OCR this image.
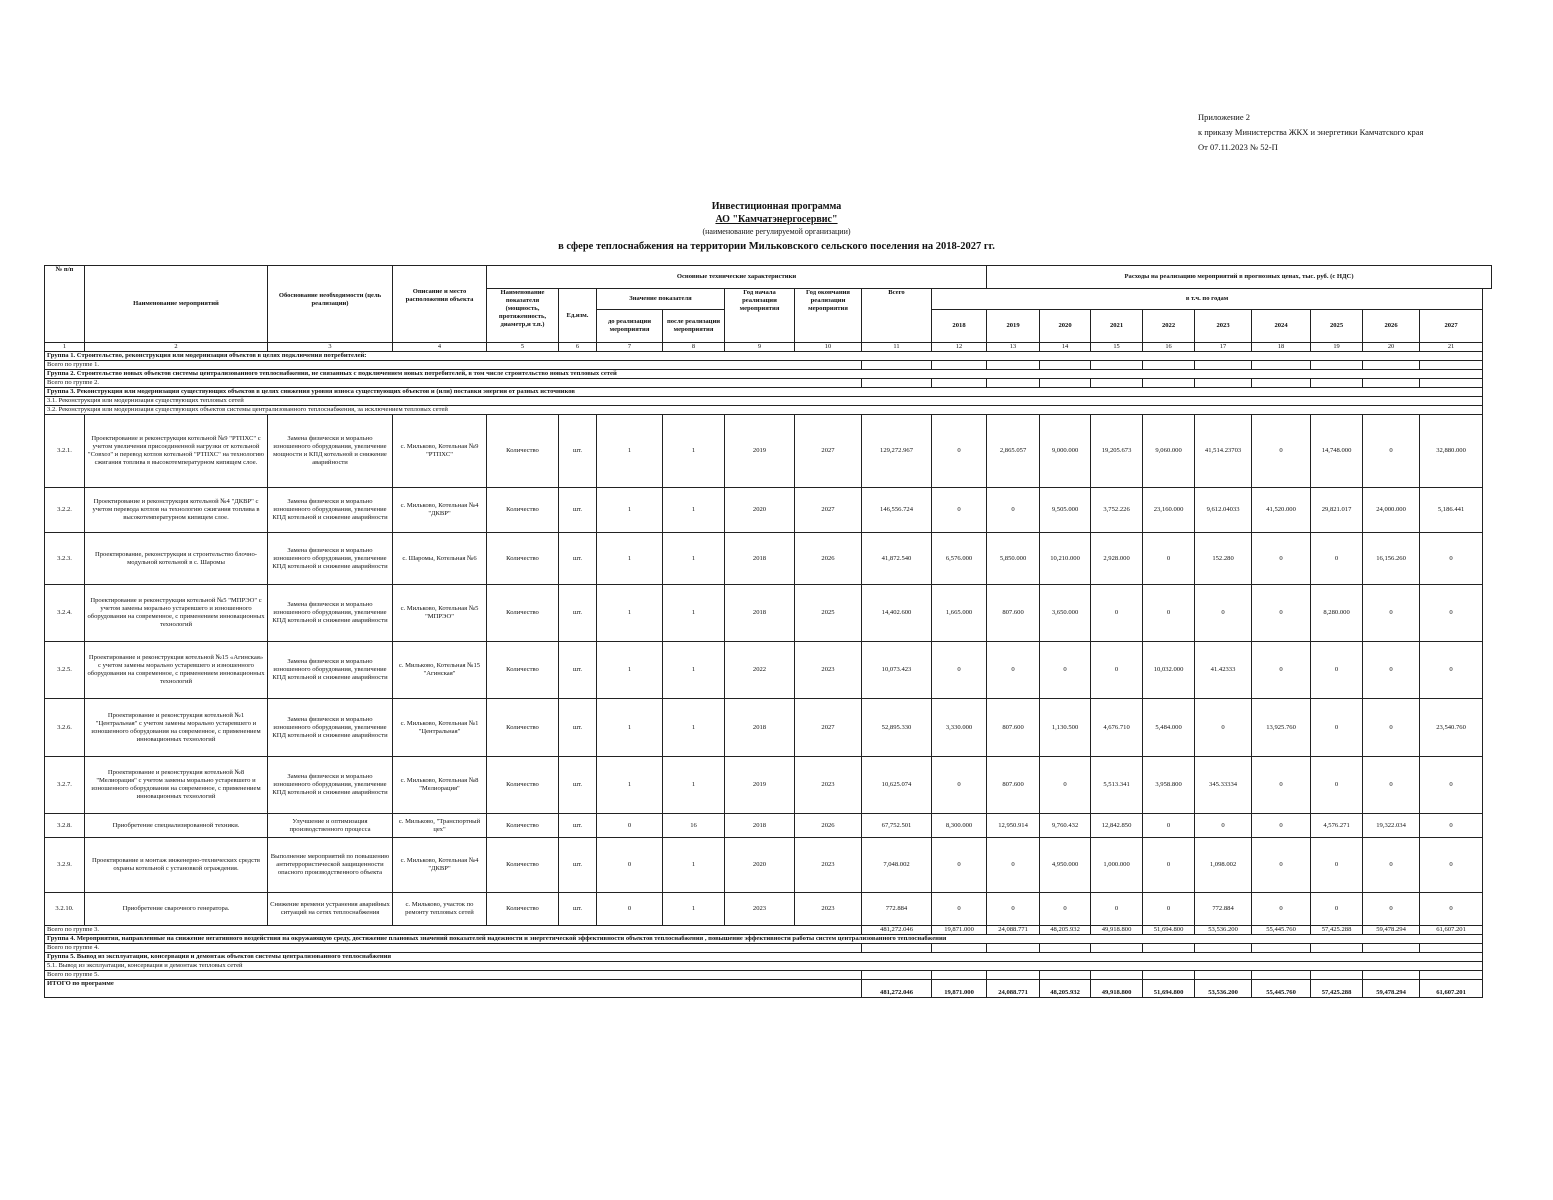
Приложение 2
к приказу Министерства ЖКХ и энергетики Камчатского края
От 07.11.2023 № 52-П
Инвестиционная программа
АО "Камчатэнергосервис"
(наименование регулируемой организации)
в сфере теплоснабжения на территории Мильковского сельского поселения на 2018-2027 гг.
№ п/п	Наименование мероприятий	Обоснование необходимости (цель реализации)	Описание и место расположения объекта	Основные технические характеристики								Расходы на реализацию мероприятий в прогнозных ценах, тыс. руб. (с НДС)								
				Наименование показателя (мощность, протяженность, диаметр,и т.п.)	Ед.изм.	Значение показателя		Год начала реализации мероприятия	Год окончания реализации мероприятия	Всего	в т.ч. по годам									
						до реализации мероприятия	после реализации мероприятия				2018	2019	2020	2021	2022	2023	2024	2025	2026	2027
1	2	3	4	5	6	7	8	9	10	11	12	13	14	15	16	17	18	19	20	21
Группа 1. Строительство, реконструкция или модернизация объектов в целях подключения потребителей:																				
Всего по группе 1.																				
Группа 2. Строительство новых объектов системы централизованного теплоснабжения, не связанных с подключением новых потребителей, в том числе строительство новых тепловых сетей																				
Всего по группе 2.																				
Группа 3. Реконструкция или модернизация существующих объектов в целях снижения уровня износа существующих объектов и (или) поставки энергии от разных источников																				
3.1. Реконструкция или модернизация существующих тепловых сетей																				
3.2. Реконструкция или модернизация существующих объектов системы централизованного теплоснабжения, за исключением тепловых сетей																				
3.2.1.	Проектирование и реконструкция котельной №9 "РТПХС" с учетом увеличения присоединенной нагрузки от котельной "Совхоз" и перевод котлов котельной "РТПХС" на технологию сжигания топлива в высокотемпературном кипящем слое.	Замена физически и морально изношенного оборудования, увеличение мощности и КПД котельной и снижение аварийности	с. Мильково, Котельная №9 "РТПХС"	Количество	шт.	1	1	2019	2027	129,272.967	0	2,865.057	9,000.000	19,205.673	9,060.000	41,514.23703	0	14,748.000	0	32,880.000
3.2.2.	Проектирование и реконструкция котельной №4 "ДКВР" с учетом перевода котлов на технологию сжигания топлива в высокотемпературном кипящем слое.	Замена физически и морально изношенного оборудования, увеличение КПД котельной и снижение аварийности	с. Мильково, Котельная №4 "ДКВР"	Количество	шт.	1	1	2020	2027	146,556.724	0	0	9,505.000	3,752.226	23,160.000	9,612.04033	41,520.000	29,821.017	24,000.000	5,186.441
3.2.3.	Проектирование, реконструкция и строительство блочно-модульной котельной в с. Шаромы	Замена физически и морально изношенного оборудования, увеличение КПД котельной и снижение аварийности	с. Шаромы, Котельная №6	Количество	шт.	1	1	2018	2026	41,872.540	6,576.000	5,850.000	10,210.000	2,928.000	0	152.280	0	0	16,156.260	0
3.2.4.	Проектирование и реконструкция котельной №5 "МПРЭО" с учетом замены морально устаревшего и изношенного оборудования на современное, с применением инновационных технологий	Замена физически и морально изношенного оборудования, увеличение КПД котельной и снижение аварийности	с. Мильково, Котельная №5 "МПРЭО"	Количество	шт.	1	1	2018	2025	14,402.600	1,665.000	807.600	3,650.000	0	0	0	0	8,280.000	0	0
3.2.5.	Проектирование и реконструкция котельной №15 «Агинская» с учетом замены морально устаревшего и изношенного оборудования на современное, с применением инновационных технологий	Замена физически и морально изношенного оборудования, увеличение КПД котельной и снижение аварийности	с. Мильково, Котельная №15 "Агинская"	Количество	шт.	1	1	2022	2023	10,073.423	0	0	0	0	10,032.000	41.42333	0	0	0	0
3.2.6.	Проектирование и реконструкция котельной №1 "Центральная" с учетом замены морально устаревшего и изношенного оборудования на современное, с применением инновационных технологий	Замена физически и морально изношенного оборудования, увеличение КПД котельной и снижение аварийности	с. Мильково, Котельная №1 "Центральная"	Количество	шт.	1	1	2018	2027	52,895.330	3,330.000	807.600	1,130.500	4,676.710	5,484.000	0	13,925.760	0	0	23,540.760
3.2.7.	Проектирование и реконструкция котельной №8 "Мелиорация" с учетом замены морально устаревшего и изношенного оборудования на современное, с применением инновационных технологий	Замена физически и морально изношенного оборудования, увеличение КПД котельной и снижение аварийности	с. Мильково, Котельная №8 "Мелиорация"	Количество	шт.	1	1	2019	2023	10,625.074	0	807.600	0	5,513.341	3,958.800	345.33334	0	0	0	0
3.2.8.	Приобретение специализированной техники.	Улучшение и оптимизация производственного процесса	с. Мильково, "Транспортный цех"	Количество	шт.	0	16	2018	2026	67,752.501	8,300.000	12,950.914	9,760.432	12,842.850	0	0	0	4,576.271	19,322.034	0
3.2.9.	Проектирование и монтаж инженерно-технических средств охраны котельной с установкой ограждения.	Выполнение мероприятий по повышению антитеррористической защищенности опасного производственного объекта	с. Мильково, Котельная №4 "ДКВР"	Количество	шт.	0	1	2020	2023	7,048.002	0	0	4,950.000	1,000.000	0	1,098.002	0	0	0	0
3.2.10.	Приобретение сварочного генератора.	Снижение времени устранения аварийных ситуаций на сетях теплоснабжения	с. Мильково, участок по ремонту тепловых сетей	Количество	шт.	0	1	2023	2023	772.884	0	0	0	0	0	772.884	0	0	0	0
Всего по группе 3.										481,272.046	19,871.000	24,088.771	48,205.932	49,918.800	51,694.800	53,536.200	55,445.760	57,425.288	59,478.294	61,607.201
Группа 4. Мероприятия, направленные на снижение негативного воздействия на окружающую среду, достижение плановых значений показателей надежности и энергетической эффективности объектов теплоснабжения , повышение эффективности работы систем централизованного теплоснабжения																				
Всего по группе 4.																				
Группа 5. Вывод из эксплуатации, консервация и демонтаж объектов системы централизованного теплоснабжения																				
5.1. Вывод из эксплуатации, консервация и демонтаж тепловых сетей																				
Всего по группе 5.																				
ИТОГО по программе										481,272.046	19,871.000	24,088.771	48,205.932	49,918.800	51,694.800	53,536.200	55,445.760	57,425.288	59,478.294	61,607.201
